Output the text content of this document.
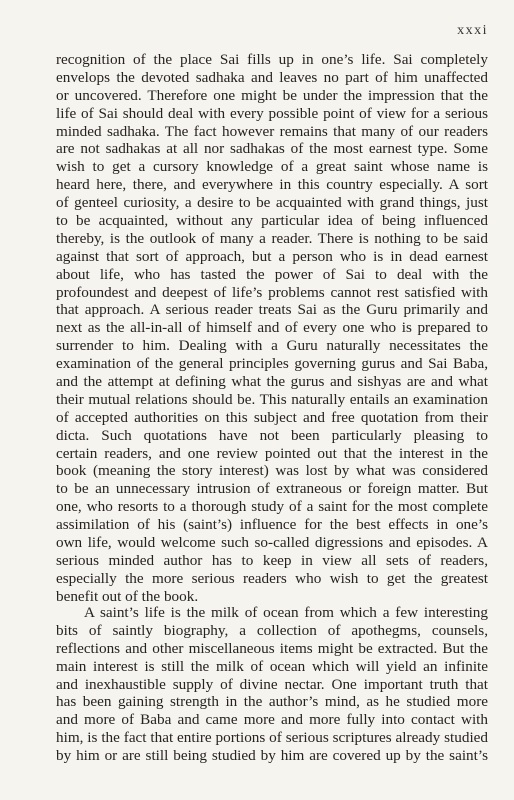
xxxi
recognition of the place Sai fills up in one’s life. Sai completely
envelops the devoted sadhaka and leaves no part of him unaffected
or uncovered. Therefore one might be under the impression that the
life of Sai should deal with every possible point of view for a serious
minded sadhaka. The fact however remains that many of our readers
are not sadhakas at all nor sadhakas of the most earnest type. Some
wish to get a cursory knowledge of a great saint whose name is
heard here, there, and everywhere in this country especially. A sort
of genteel curiosity, a desire to be acquainted with grand things, just
to be acquainted, without any particular idea of being influenced
thereby, is the outlook of many a reader. There is nothing to be said
against that sort of approach, but a person who is in dead earnest
about life, who has tasted the power of Sai to deal with the
profoundest and deepest of life’s problems cannot rest satisfied with
that approach. A serious reader treats Sai as the Guru primarily and
next as the all-in-all of himself and of every one who is prepared to
surrender to him. Dealing with a Guru naturally necessitates the
examination of the general principles governing gurus and Sai Baba,
and the attempt at defining what the gurus and sishyas are and what
their mutual relations should be. This naturally entails an examination
of accepted authorities on this subject and free quotation from their
dicta. Such quotations have not been particularly pleasing to
certain readers, and one review pointed out that the interest in the
book (meaning the story interest) was lost by what was considered
to be an unnecessary intrusion of extraneous or foreign matter. But
one, who resorts to a thorough study of a saint for the most complete
assimilation of his (saint’s) influence for the best effects in one’s
own life, would welcome such so-called digressions and episodes. A
serious minded author has to keep in view all sets of readers,
especially the more serious readers who wish to get the greatest
benefit out of the book.
A saint’s life is the milk of ocean from which a few interesting
bits of saintly biography, a collection of apothegms, counsels,
reflections and other miscellaneous items might be extracted. But the
main interest is still the milk of ocean which will yield an infinite
and inexhaustible supply of divine nectar. One important truth that
has been gaining strength in the author’s mind, as he studied more
and more of Baba and came more and more fully into contact with
him, is the fact that entire portions of serious scriptures already studied
by him or are still being studied by him are covered up by the saint’s
